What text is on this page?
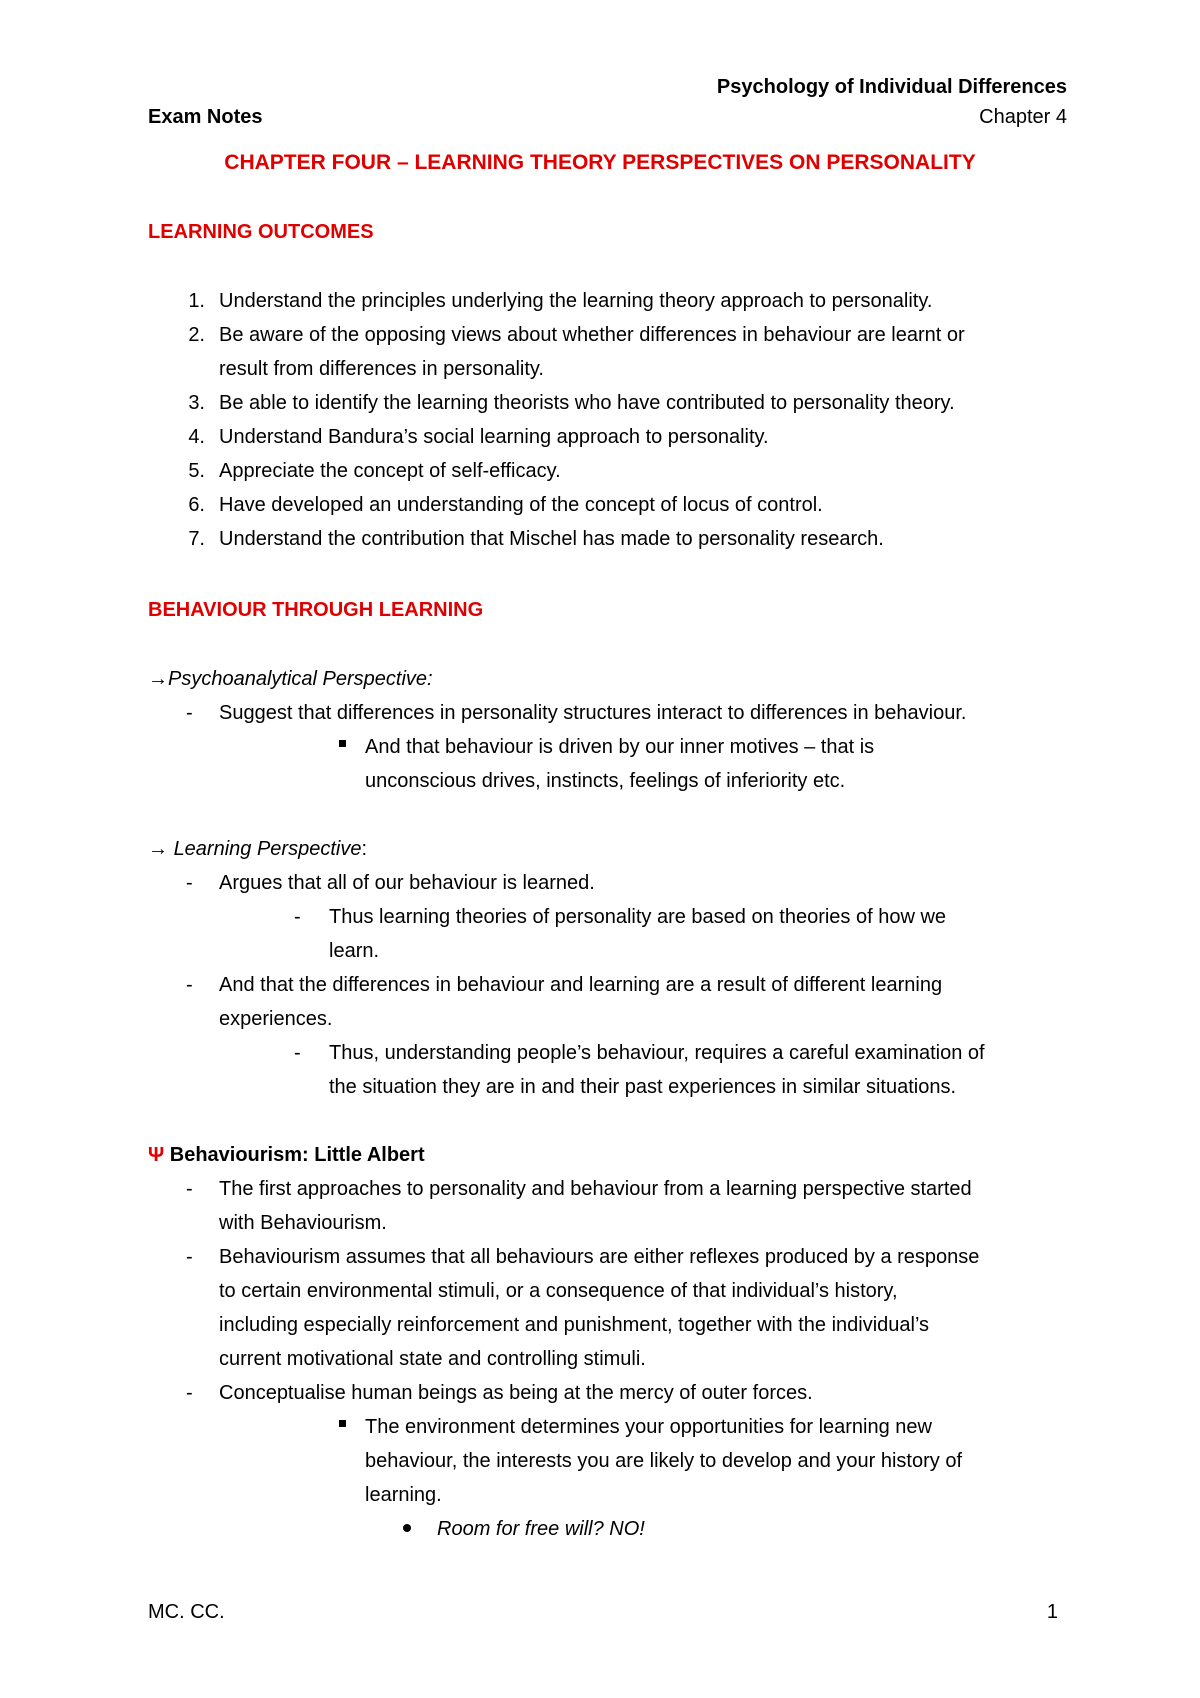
Psychology of Individual Differences
Exam Notes	Chapter 4
CHAPTER FOUR – LEARNING THEORY PERSPECTIVES ON PERSONALITY
LEARNING OUTCOMES
1. Understand the principles underlying the learning theory approach to personality.
2. Be aware of the opposing views about whether differences in behaviour are learnt or
result from differences in personality.
3. Be able to identify the learning theorists who have contributed to personality theory.
4. Understand Bandura’s social learning approach to personality.
5. Appreciate the concept of self-efficacy.
6. Have developed an understanding of the concept of locus of control.
7. Understand the contribution that Mischel has made to personality research.
BEHAVIOUR THROUGH LEARNING
→Psychoanalytical Perspective:
- Suggest that differences in personality structures interact to differences in behaviour.
And that behaviour is driven by our inner motives – that is
unconscious drives, instincts, feelings of inferiority etc.
→ Learning Perspective:
- Argues that all of our behaviour is learned.
- Thus learning theories of personality are based on theories of how we
learn.
- And that the differences in behaviour and learning are a result of different learning
experiences.
- Thus, understanding people’s behaviour, requires a careful examination of
the situation they are in and their past experiences in similar situations.
Ψ Behaviourism: Little Albert
- The first approaches to personality and behaviour from a learning perspective started
with Behaviourism.
- Behaviourism assumes that all behaviours are either reflexes produced by a response
to certain environmental stimuli, or a consequence of that individual’s history,
including especially reinforcement and punishment, together with the individual’s
current motivational state and controlling stimuli.
- Conceptualise human beings as being at the mercy of outer forces.
The environment determines your opportunities for learning new
behaviour, the interests you are likely to develop and your history of
learning.
Room for free will? NO!
MC. CC.	1
